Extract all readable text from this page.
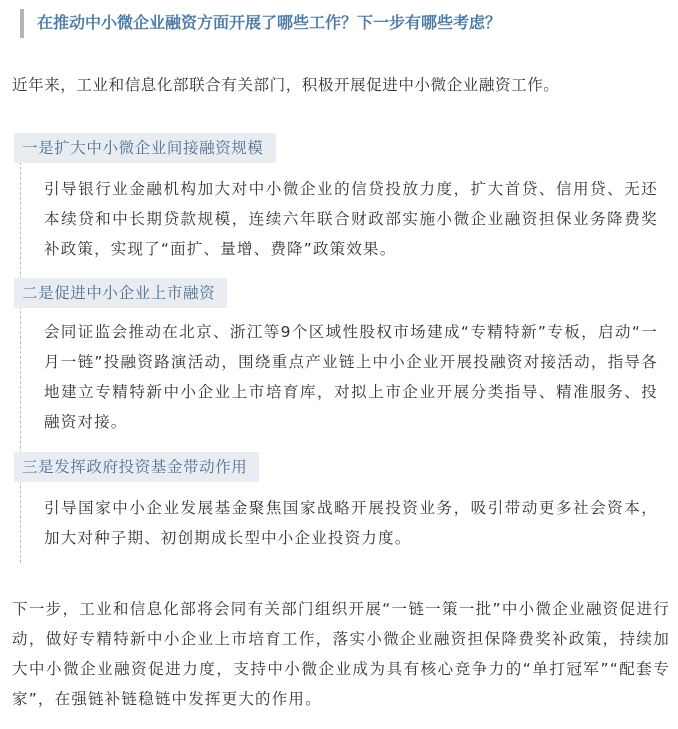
在推动中小微企业融资方面开展了哪些工作？下一步有哪些考虑？
近年来，工业和信息化部联合有关部门，积极开展促进中小微企业融资工作。
一是扩大中小微企业间接融资规模
引导银行业金融机构加大对中小微企业的信贷投放力度，扩大首贷、信用贷、无还本续贷和中长期贷款规模，连续六年联合财政部实施小微企业融资担保业务降费奖补政策，实现了“面扩、量增、费降”政策效果。
二是促进中小企业上市融资
会同证监会推动在北京、浙江等9个区域性股权市场建成“专精特新”专板，启动“一月一链”投融资路演活动，围绕重点产业链上中小企业开展投融资对接活动，指导各地建立专精特新中小企业上市培育库，对拟上市企业开展分类指导、精准服务、投融资对接。
三是发挥政府投资基金带动作用
引导国家中小企业发展基金聚焦国家战略开展投资业务，吸引带动更多社会资本，加大对种子期、初创期成长型中小企业投资力度。
下一步，工业和信息化部将会同有关部门组织开展“一链一策一批”中小微企业融资促进行动，做好专精特新中小企业上市培育工作，落实小微企业融资担保降费奖补政策，持续加大中小微企业融资促进力度，支持中小微企业成为具有核心竞争力的“单打冠军”“配套专家”，在强链补链稳链中发挥更大的作用。
